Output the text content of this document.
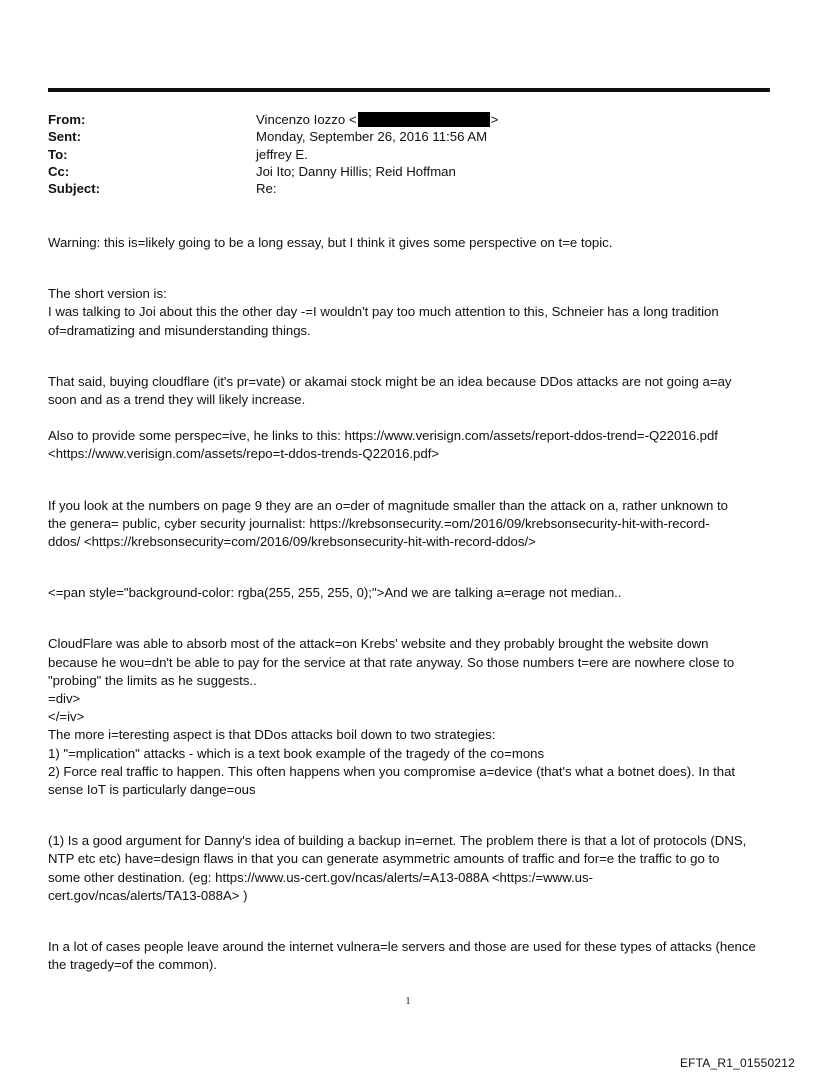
From:	Vincenzo Iozzo <	>
Sent:	Monday, September 26, 2016 11:56 AM
To:	jeffrey E.
Cc:	Joi Ito; Danny Hillis; Reid Hoffman
Subject:	Re:

Warning: this is=likely going to be a long essay, but I think it gives some perspective on t=e topic.

The short version is:

I was talking to Joi about this the other day -=I wouldn't pay too much attention to this, Schneier has a long tradition

of=dramatizing and misunderstanding things.

That said, buying cloudflare (it's pr=vate) or akamai stock might be an idea because DDos attacks are not going a=ay

soon and as a trend they will likely increase.

Also to provide some perspec=ive, he links to this: https://www.verisign.com/assets/report-ddos-trend=-Q22016.pdf

<https://www.verisign.com/assets/repo=t-ddos-trends-Q22016.pdf>

If you look at the numbers on page 9 they are an o=der of magnitude smaller than the attack on a, rather unknown to

the genera= public, cyber security journalist: https://krebsonsecurity.=om/2016/09/krebsonsecurity-hit-with-record-

ddos/ <https://krebsonsecurity=com/2016/09/krebsonsecurity-hit-with-record-ddos/>

<=pan style="background-color: rgba(255, 255, 255, 0);">And we are talking a=erage not median..

CloudFlare was able to absorb most of the attack=on Krebs' website and they probably brought the website down

because he wou=dn't be able to pay for the service at that rate anyway. So those numbers t=ere are nowhere close to

"probing" the limits as he suggests..

=div>

</=iv>

The more i=teresting aspect is that DDos attacks boil down to two strategies:

1) "=mplication" attacks - which is a text book example of the tragedy of the co=mons

2) Force real traffic to happen. This often happens when you compromise a=device (that's what a botnet does). In that

sense IoT is particularly dange=ous

(1) Is a good argument for Danny's idea of building a backup in=ernet. The problem there is that a lot of protocols (DNS,

NTP etc etc) have=design flaws in that you can generate asymmetric amounts of traffic and for=e the traffic to go to

some other destination. (eg: https://www.us-cert.gov/ncas/alerts/=A13-088A <https:/=www.us-

cert.gov/ncas/alerts/TA13-088A> )

In a lot of cases people leave around the internet vulnera=le servers and those are used for these types of attacks (hence

the tragedy=of the common).

1
EFTA_R1_01550212
